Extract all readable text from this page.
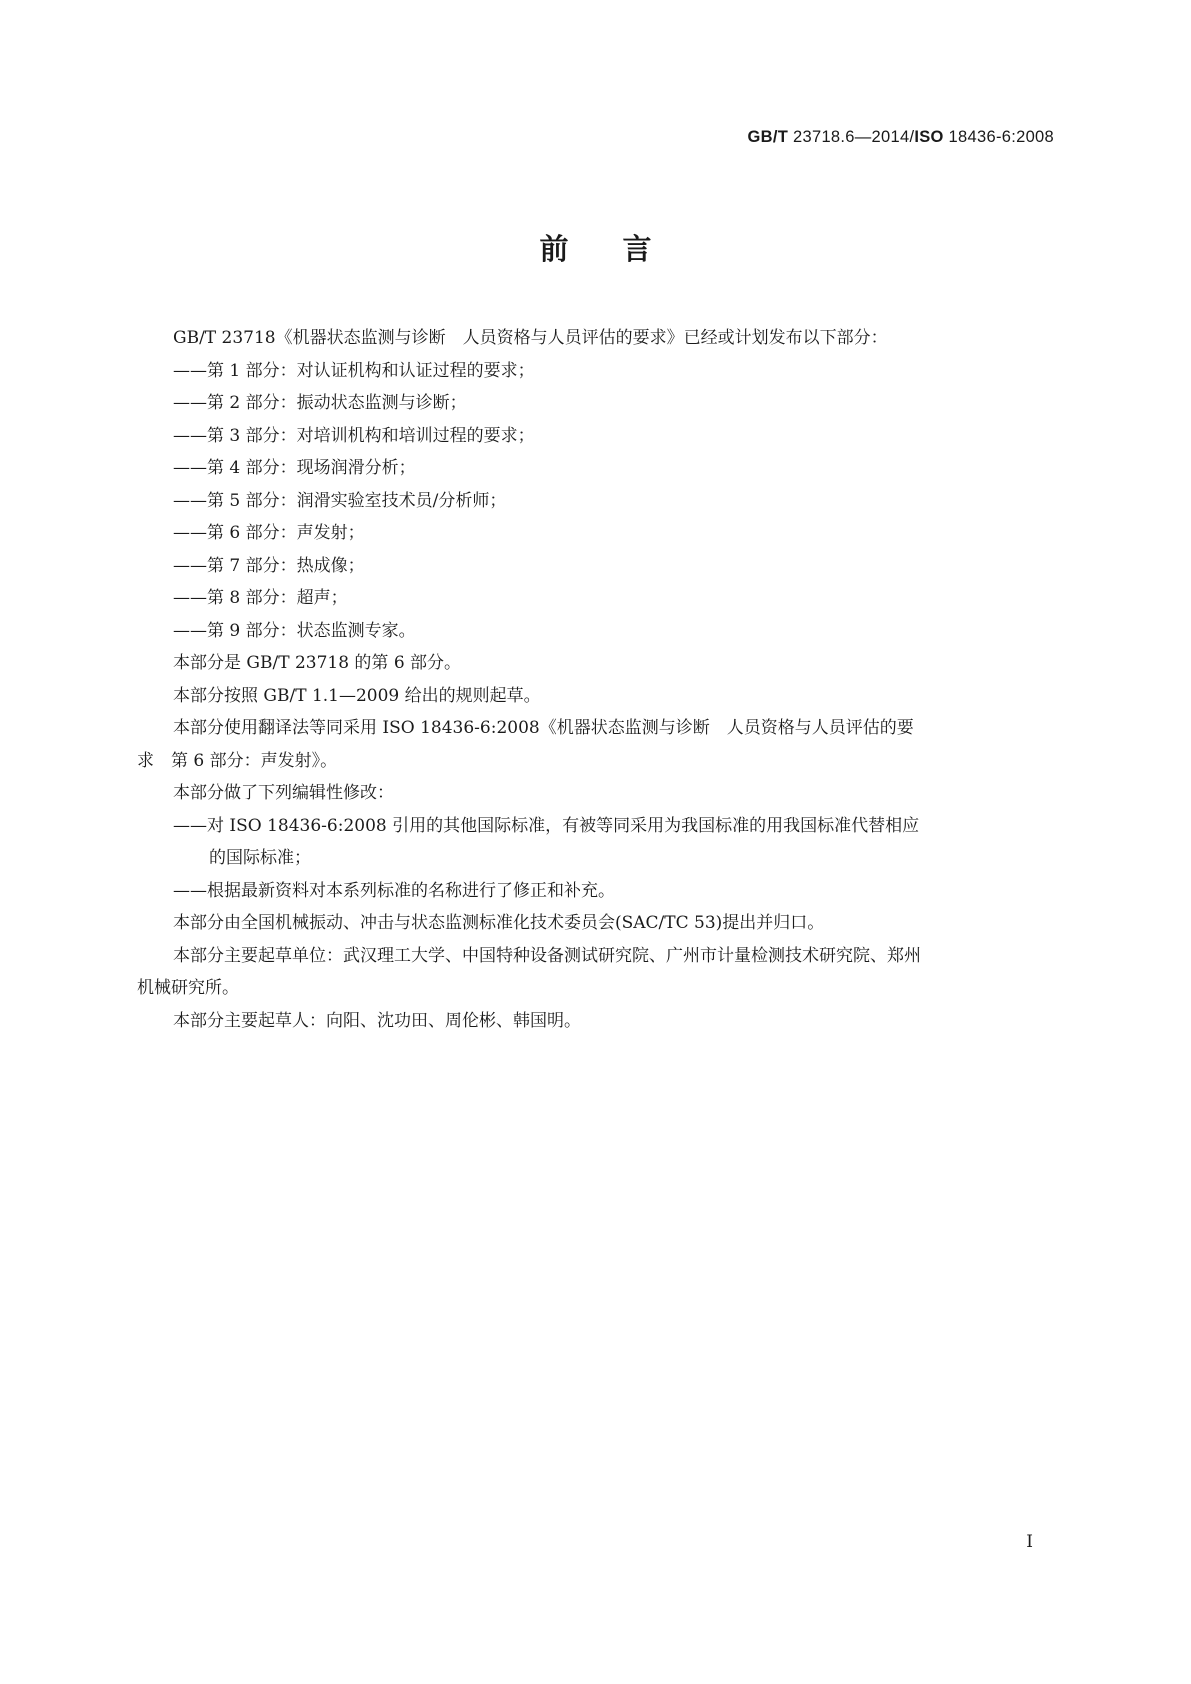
GB/T 23718.6—2014/ISO 18436-6:2008
前言
GB/T 23718《机器状态监测与诊断　人员资格与人员评估的要求》已经或计划发布以下部分：
——第 1 部分：对认证机构和认证过程的要求；
——第 2 部分：振动状态监测与诊断；
——第 3 部分：对培训机构和培训过程的要求；
——第 4 部分：现场润滑分析；
——第 5 部分：润滑实验室技术员/分析师；
——第 6 部分：声发射；
——第 7 部分：热成像；
——第 8 部分：超声；
——第 9 部分：状态监测专家。
本部分是 GB/T 23718 的第 6 部分。
本部分按照 GB/T 1.1—2009 给出的规则起草。
本部分使用翻译法等同采用 ISO 18436-6:2008《机器状态监测与诊断　人员资格与人员评估的要
求　第 6 部分：声发射》。
本部分做了下列编辑性修改：
——对 ISO 18436-6:2008 引用的其他国际标准，有被等同采用为我国标准的用我国标准代替相应
的国际标准；
——根据最新资料对本系列标准的名称进行了修正和补充。
本部分由全国机械振动、冲击与状态监测标准化技术委员会(SAC/TC 53)提出并归口。
本部分主要起草单位：武汉理工大学、中国特种设备测试研究院、广州市计量检测技术研究院、郑州
机械研究所。
本部分主要起草人：向阳、沈功田、周伦彬、韩国明。
I
